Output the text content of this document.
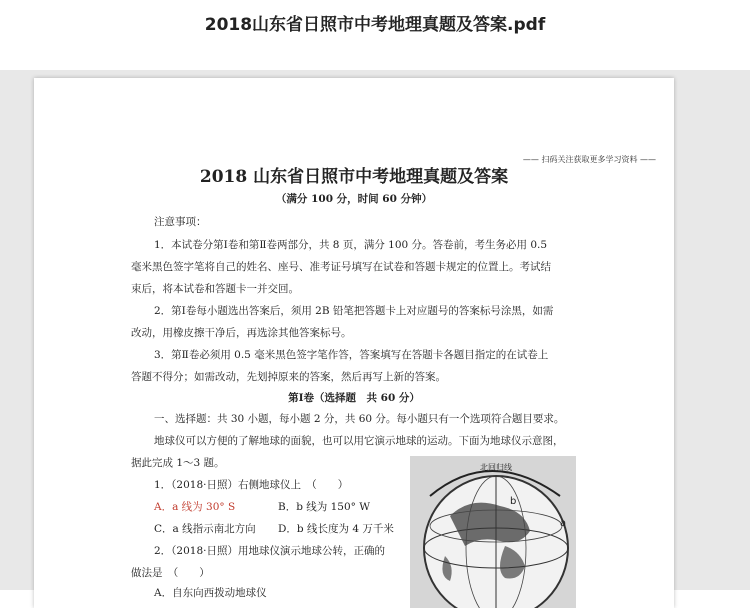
2018山东省日照市中考地理真题及答案.pdf
—— 扫码关注获取更多学习资料 ——
2018 山东省日照市中考地理真题及答案
（满分 100 分，时间 60 分钟）
注意事项：
1．本试卷分第Ⅰ卷和第Ⅱ卷两部分，共 8 页，满分 100 分。答卷前，考生务必用 0.5
毫米黑色签字笔将自己的姓名、座号、准考证号填写在试卷和答题卡规定的位置上。考试结
束后，将本试卷和答题卡一并交回。
2．第Ⅰ卷每小题选出答案后，须用 2B 铅笔把答题卡上对应题号的答案标号涂黑，如需
改动，用橡皮擦干净后，再选涂其他答案标号。
3．第Ⅱ卷必须用 0.5 毫米黑色签字笔作答，答案填写在答题卡各题目指定的在试卷上
答题不得分；如需改动，先划掉原来的答案，然后再写上新的答案。
第Ⅰ卷（选择题　共 60 分）
一、选择题：共 30 小题，每小题 2 分，共 60 分。每小题只有一个选项符合题目要求。
地球仪可以方便的了解地球的面貌，也可以用它演示地球的运动。下面为地球仪示意图，
据此完成 1～3 题。
1．（2018·日照）右侧地球仪上　（　　）
A．a 线为 30° S	B．b 线为 150° W
C．a 线指示南北方向 D．b 线长度为 4 万千米
2．（2018·日照）用地球仪演示地球公转，正确的
做法是　（　　）
A．自东向西拨动地球仪
北回归线
a
b
